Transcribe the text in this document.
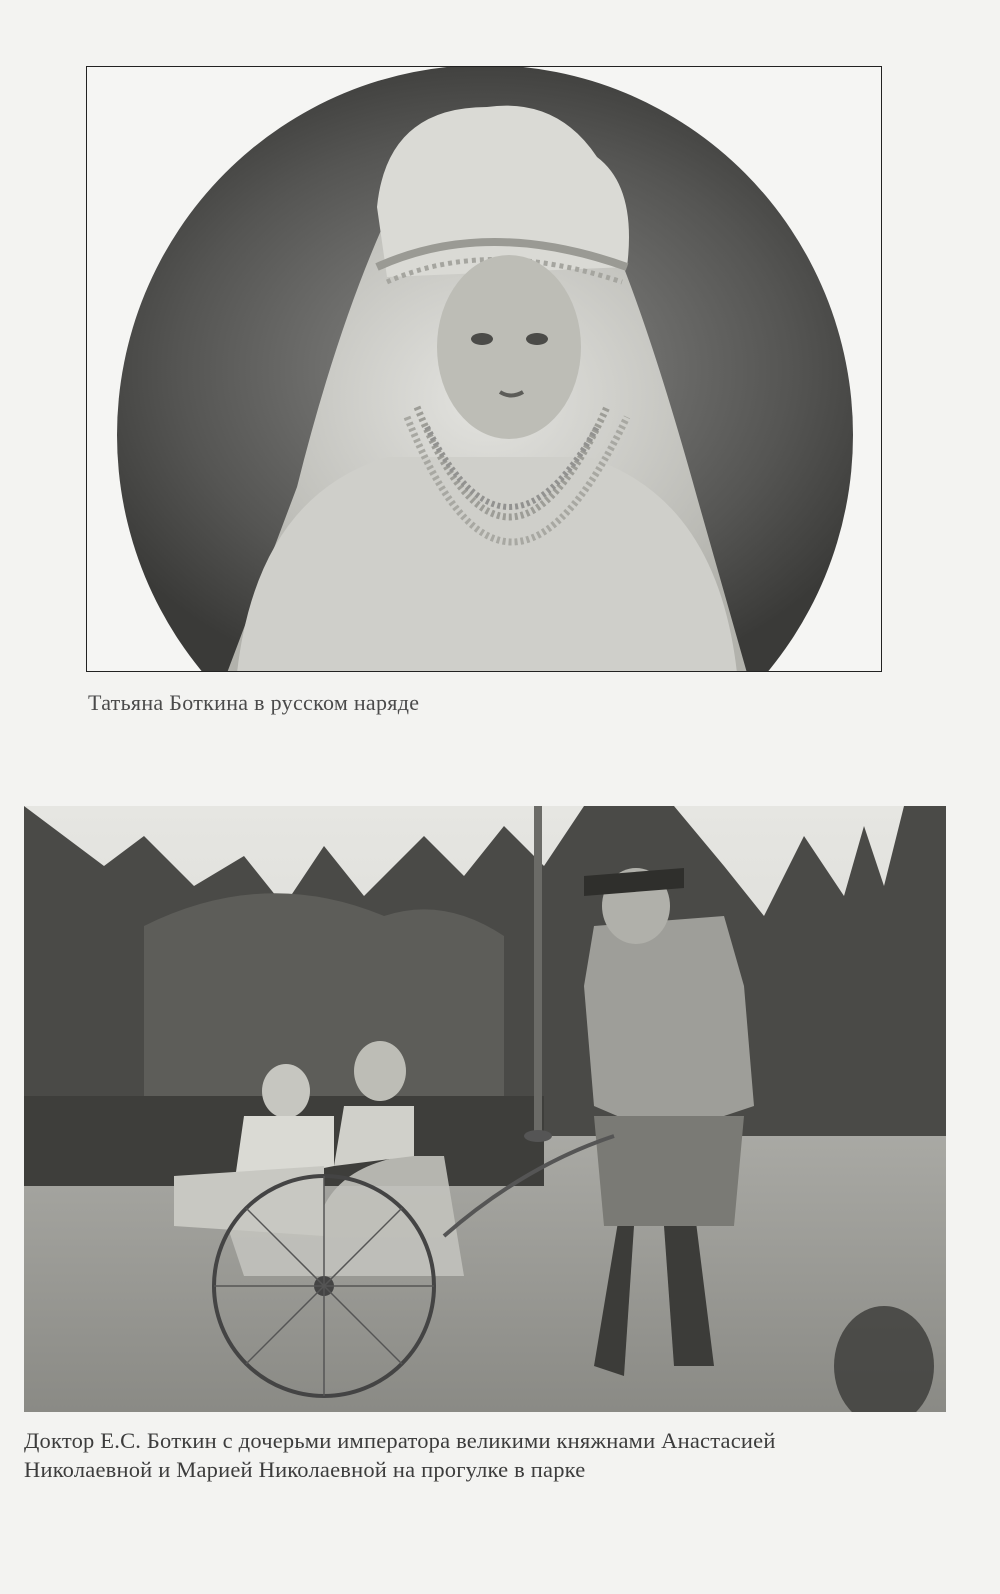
Татьяна Боткина в русском наряде
Доктор Е.С. Боткин с дочерьми императора великими княжнами Анастасией
Николаевной и Марией Николаевной на прогулке в парке
